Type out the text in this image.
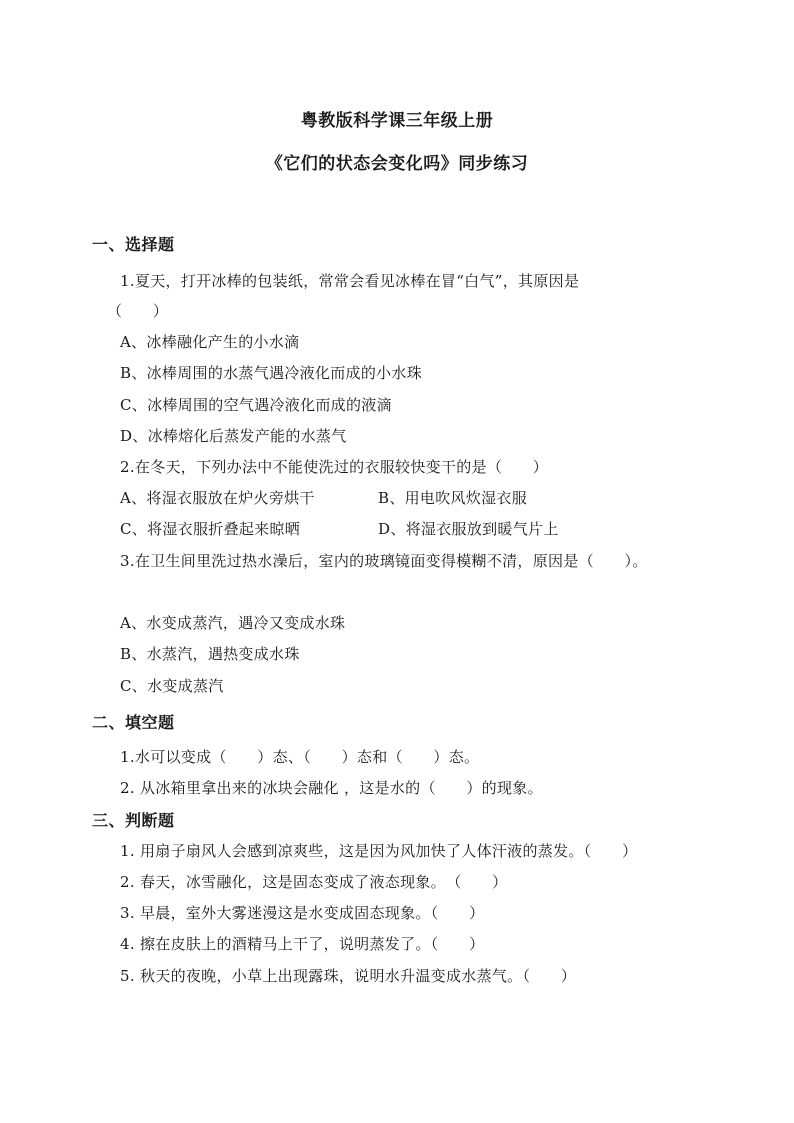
粤教版科学课三年级上册
《它们的状态会变化吗》同步练习
一、选择题
1.夏天，打开冰棒的包装纸，常常会看见冰棒在冒“白气”，其原因是
（　　）
A、冰棒融化产生的小水滴
B、冰棒周围的水蒸气遇冷液化而成的小水珠
C、冰棒周围的空气遇冷液化而成的液滴
D、冰棒熔化后蒸发产能的水蒸气
2.在冬天，下列办法中不能使洗过的衣服较快变干的是（　　）
A、将湿衣服放在炉火旁烘干	B、用电吹风炊湿衣服
C、将湿衣服折叠起来晾晒	D、将湿衣服放到暖气片上
3.在卫生间里洗过热水澡后，室内的玻璃镜面变得模糊不清，原因是（　　）。
A、水变成蒸汽，遇冷又变成水珠
B、水蒸汽，遇热变成水珠
C、水变成蒸汽
二、填空题
1.水可以变成（　　）态、（　　）态和（　　）态。
2. 从冰箱里拿出来的冰块会融化 ，这是水的（　　）的现象。
三、判断题
1. 用扇子扇风人会感到凉爽些，这是因为风加快了人体汗液的蒸发。（　　）
2. 春天，冰雪融化，这是固态变成了液态现象。　（　　）
3. 早晨，室外大雾迷漫这是水变成固态现象。（　　）
4. 擦在皮肤上的酒精马上干了，说明蒸发了。（　　）
5. 秋天的夜晚，小草上出现露珠，说明水升温变成水蒸气。（　　）
